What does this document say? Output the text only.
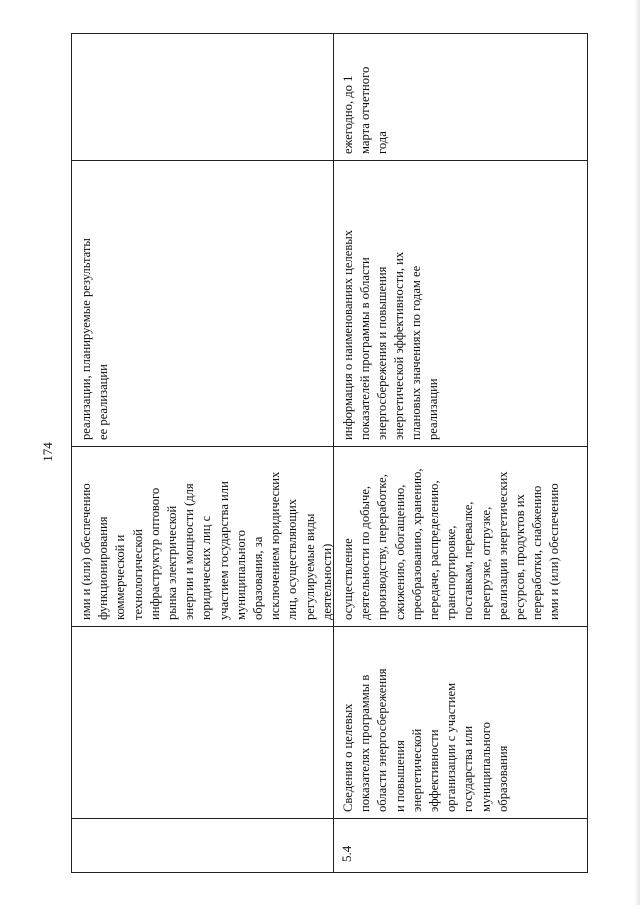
174
ими и (или) обеспечению
функционирования
коммерческой и
технологической
инфраструктур оптового
рынка электрической
энергии и мощности (для
юридических лиц с
участием государства или
муниципального
образования, за
исключением юридических
лиц, осуществляющих
регулируемые виды
деятельности)
реализации, планируемые результаты
ее реализации
5.4
Сведения о целевых
показателях программы в
области энергосбережения
и повышения
энергетической
эффективности
организации с участием
государства или
муниципального
образования
осуществление
деятельности по добыче,
производству, переработке,
сжижению, обогащению,
преобразованию, хранению,
передаче, распределению,
транспортировке,
поставкам, перевалке,
перегрузке, отгрузке,
реализации энергетических
ресурсов, продуктов их
переработки, снабжению
ими и (или) обеспечению
информация о наименованиях целевых
показателей программы в области
энергосбережения и повышения
энергетической эффективности, их
плановых значениях по годам ее
реализации
ежегодно, до 1
марта отчетного
года
